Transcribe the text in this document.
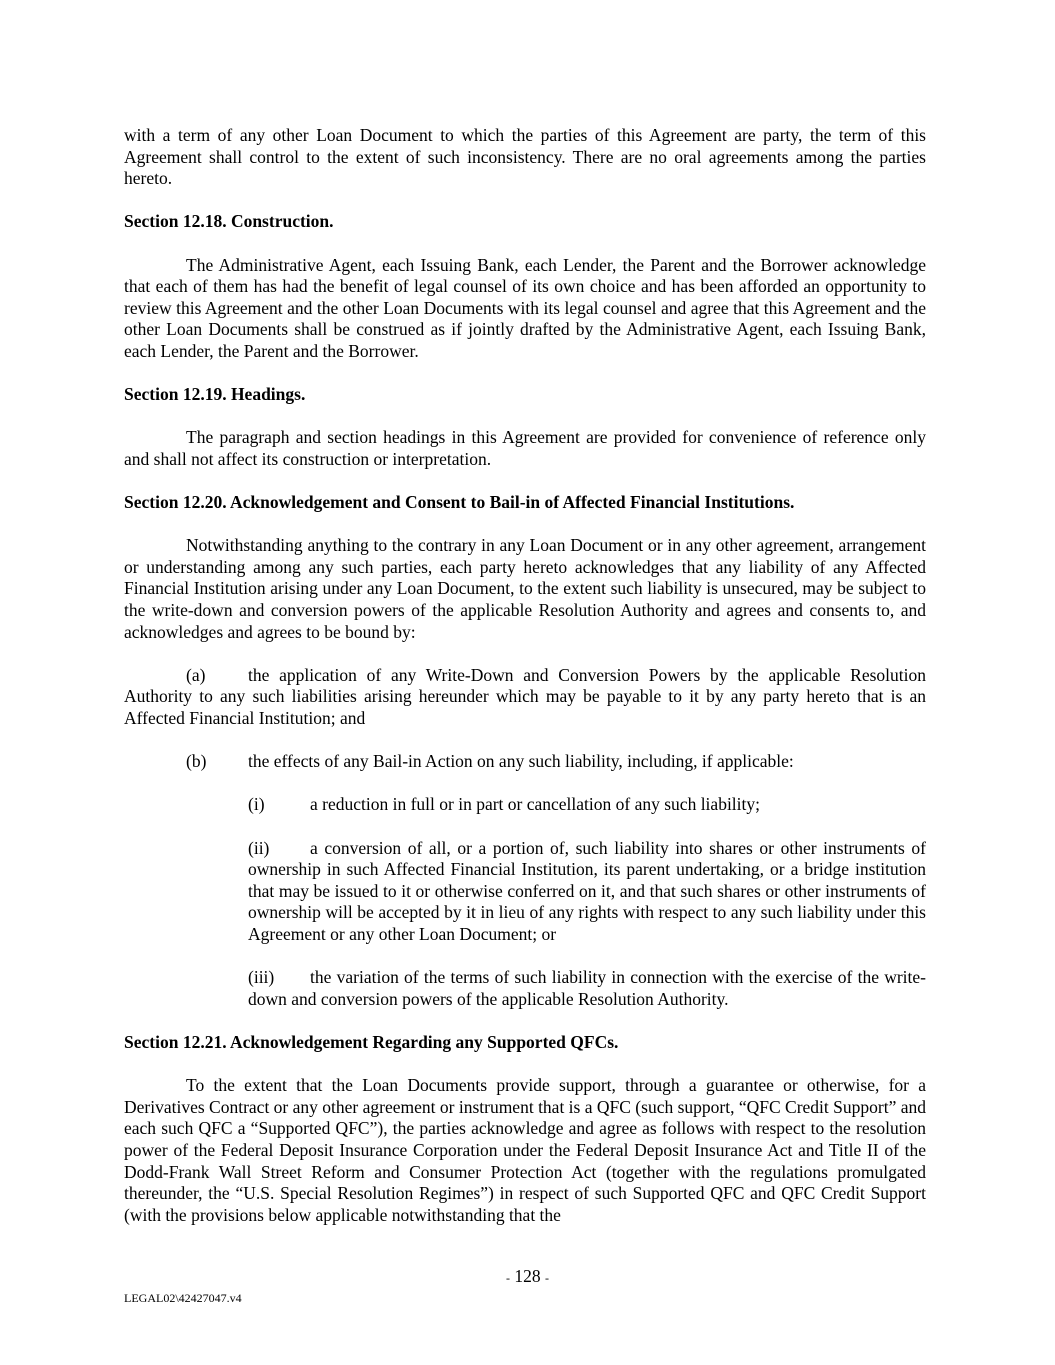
with a term of any other Loan Document to which the parties of this Agreement are party, the term of this Agreement shall control to the extent of such inconsistency. There are no oral agreements among the parties hereto.

Section 12.18. Construction.

The Administrative Agent, each Issuing Bank, each Lender, the Parent and the Borrower acknowledge that each of them has had the benefit of legal counsel of its own choice and has been afforded an opportunity to review this Agreement and the other Loan Documents with its legal counsel and agree that this Agreement and the other Loan Documents shall be construed as if jointly drafted by the Administrative Agent, each Issuing Bank, each Lender, the Parent and the Borrower.

Section 12.19. Headings.

The paragraph and section headings in this Agreement are provided for convenience of reference only and shall not affect its construction or interpretation.

Section 12.20. Acknowledgement and Consent to Bail-in of Affected Financial Institutions.

Notwithstanding anything to the contrary in any Loan Document or in any other agreement, arrangement or understanding among any such parties, each party hereto acknowledges that any liability of any Affected Financial Institution arising under any Loan Document, to the extent such liability is unsecured, may be subject to the write-down and conversion powers of the applicable Resolution Authority and agrees and consents to, and acknowledges and agrees to be bound by:

(a) the application of any Write-Down and Conversion Powers by the applicable Resolution Authority to any such liabilities arising hereunder which may be payable to it by any party hereto that is an Affected Financial Institution; and

(b)	the effects of any Bail-in Action on any such liability, including, if applicable:
(i)	a reduction in full or in part or cancellation of any such liability;

(ii) a conversion of all, or a portion of, such liability into shares or other instruments of ownership in such Affected Financial Institution, its parent undertaking, or a bridge institution that may be issued to it or otherwise conferred on it, and that such shares or other instruments of ownership will be accepted by it in lieu of any rights with respect to any such liability under this Agreement or any other Loan Document; or

(iii) the variation of the terms of such liability in connection with the exercise of the write-down and conversion powers of the applicable Resolution Authority.

Section 12.21. Acknowledgement Regarding any Supported QFCs.

To the extent that the Loan Documents provide support, through a guarantee or otherwise, for a Derivatives Contract or any other agreement or instrument that is a QFC (such support, “QFC Credit Support” and each such QFC a “Supported QFC”), the parties acknowledge and agree as follows with respect to the resolution power of the Federal Deposit Insurance Corporation under the Federal Deposit Insurance Act and Title II of the Dodd-Frank Wall Street Reform and Consumer Protection Act (together with the regulations promulgated thereunder, the “U.S. Special Resolution Regimes”) in respect of such Supported QFC and QFC Credit Support (with the provisions below applicable notwithstanding that the

- 128 -
LEGAL02\42427047.v4
